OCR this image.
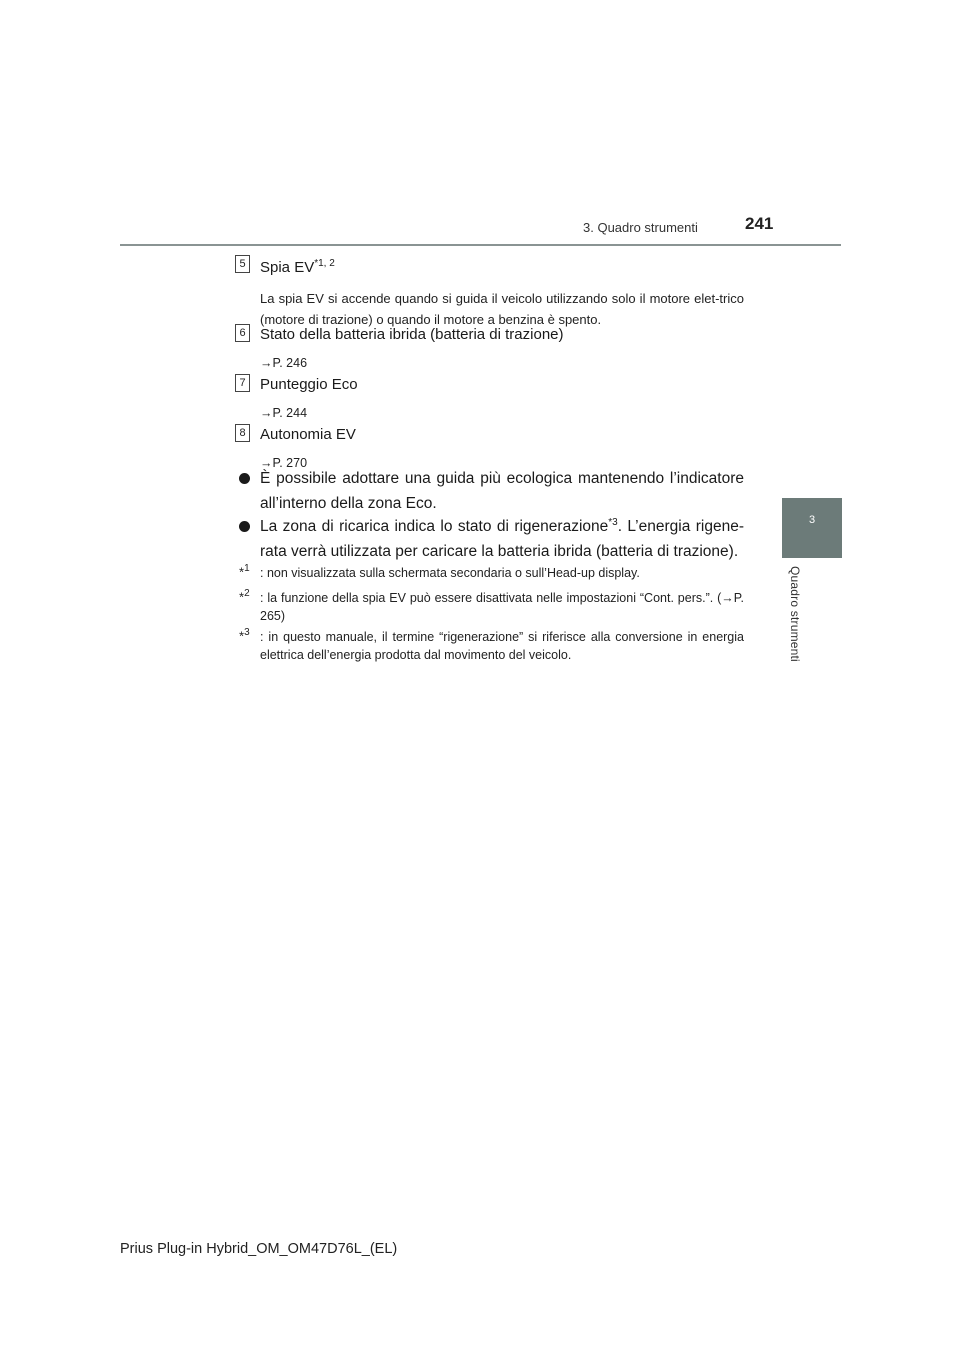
3. Quadro strumenti	241
3
Quadro strumenti
5 Spia EV$^{*1, 2}$
La spia EV si accende quando si guida il veicolo utilizzando solo il motore elet-trico (motore di trazione) o quando il motore a benzina è spento.
6 Stato della batteria ibrida (batteria di trazione)
→P. 246
7 Punteggio Eco
→P. 244
8 Autonomia EV
→P. 270
È possibile adottare una guida più ecologica mantenendo l’indicatore all’interno della zona Eco.
La zona di ricarica indica lo stato di rigenerazione$^{*3}$. L’energia rigene-rata verrà utilizzata per caricare la batteria ibrida (batteria di trazione).
*$^1$ : non visualizzata sulla schermata secondaria o sull’Head-up display.
*$^2$ : la funzione della spia EV può essere disattivata nelle impostazioni “Cont. pers.”. (→P. 265)
*$^3$ : in questo manuale, il termine “rigenerazione” si riferisce alla conversione in energia elettrica dell’energia prodotta dal movimento del veicolo.
Prius Plug-in Hybrid_OM_OM47D76L_(EL)
